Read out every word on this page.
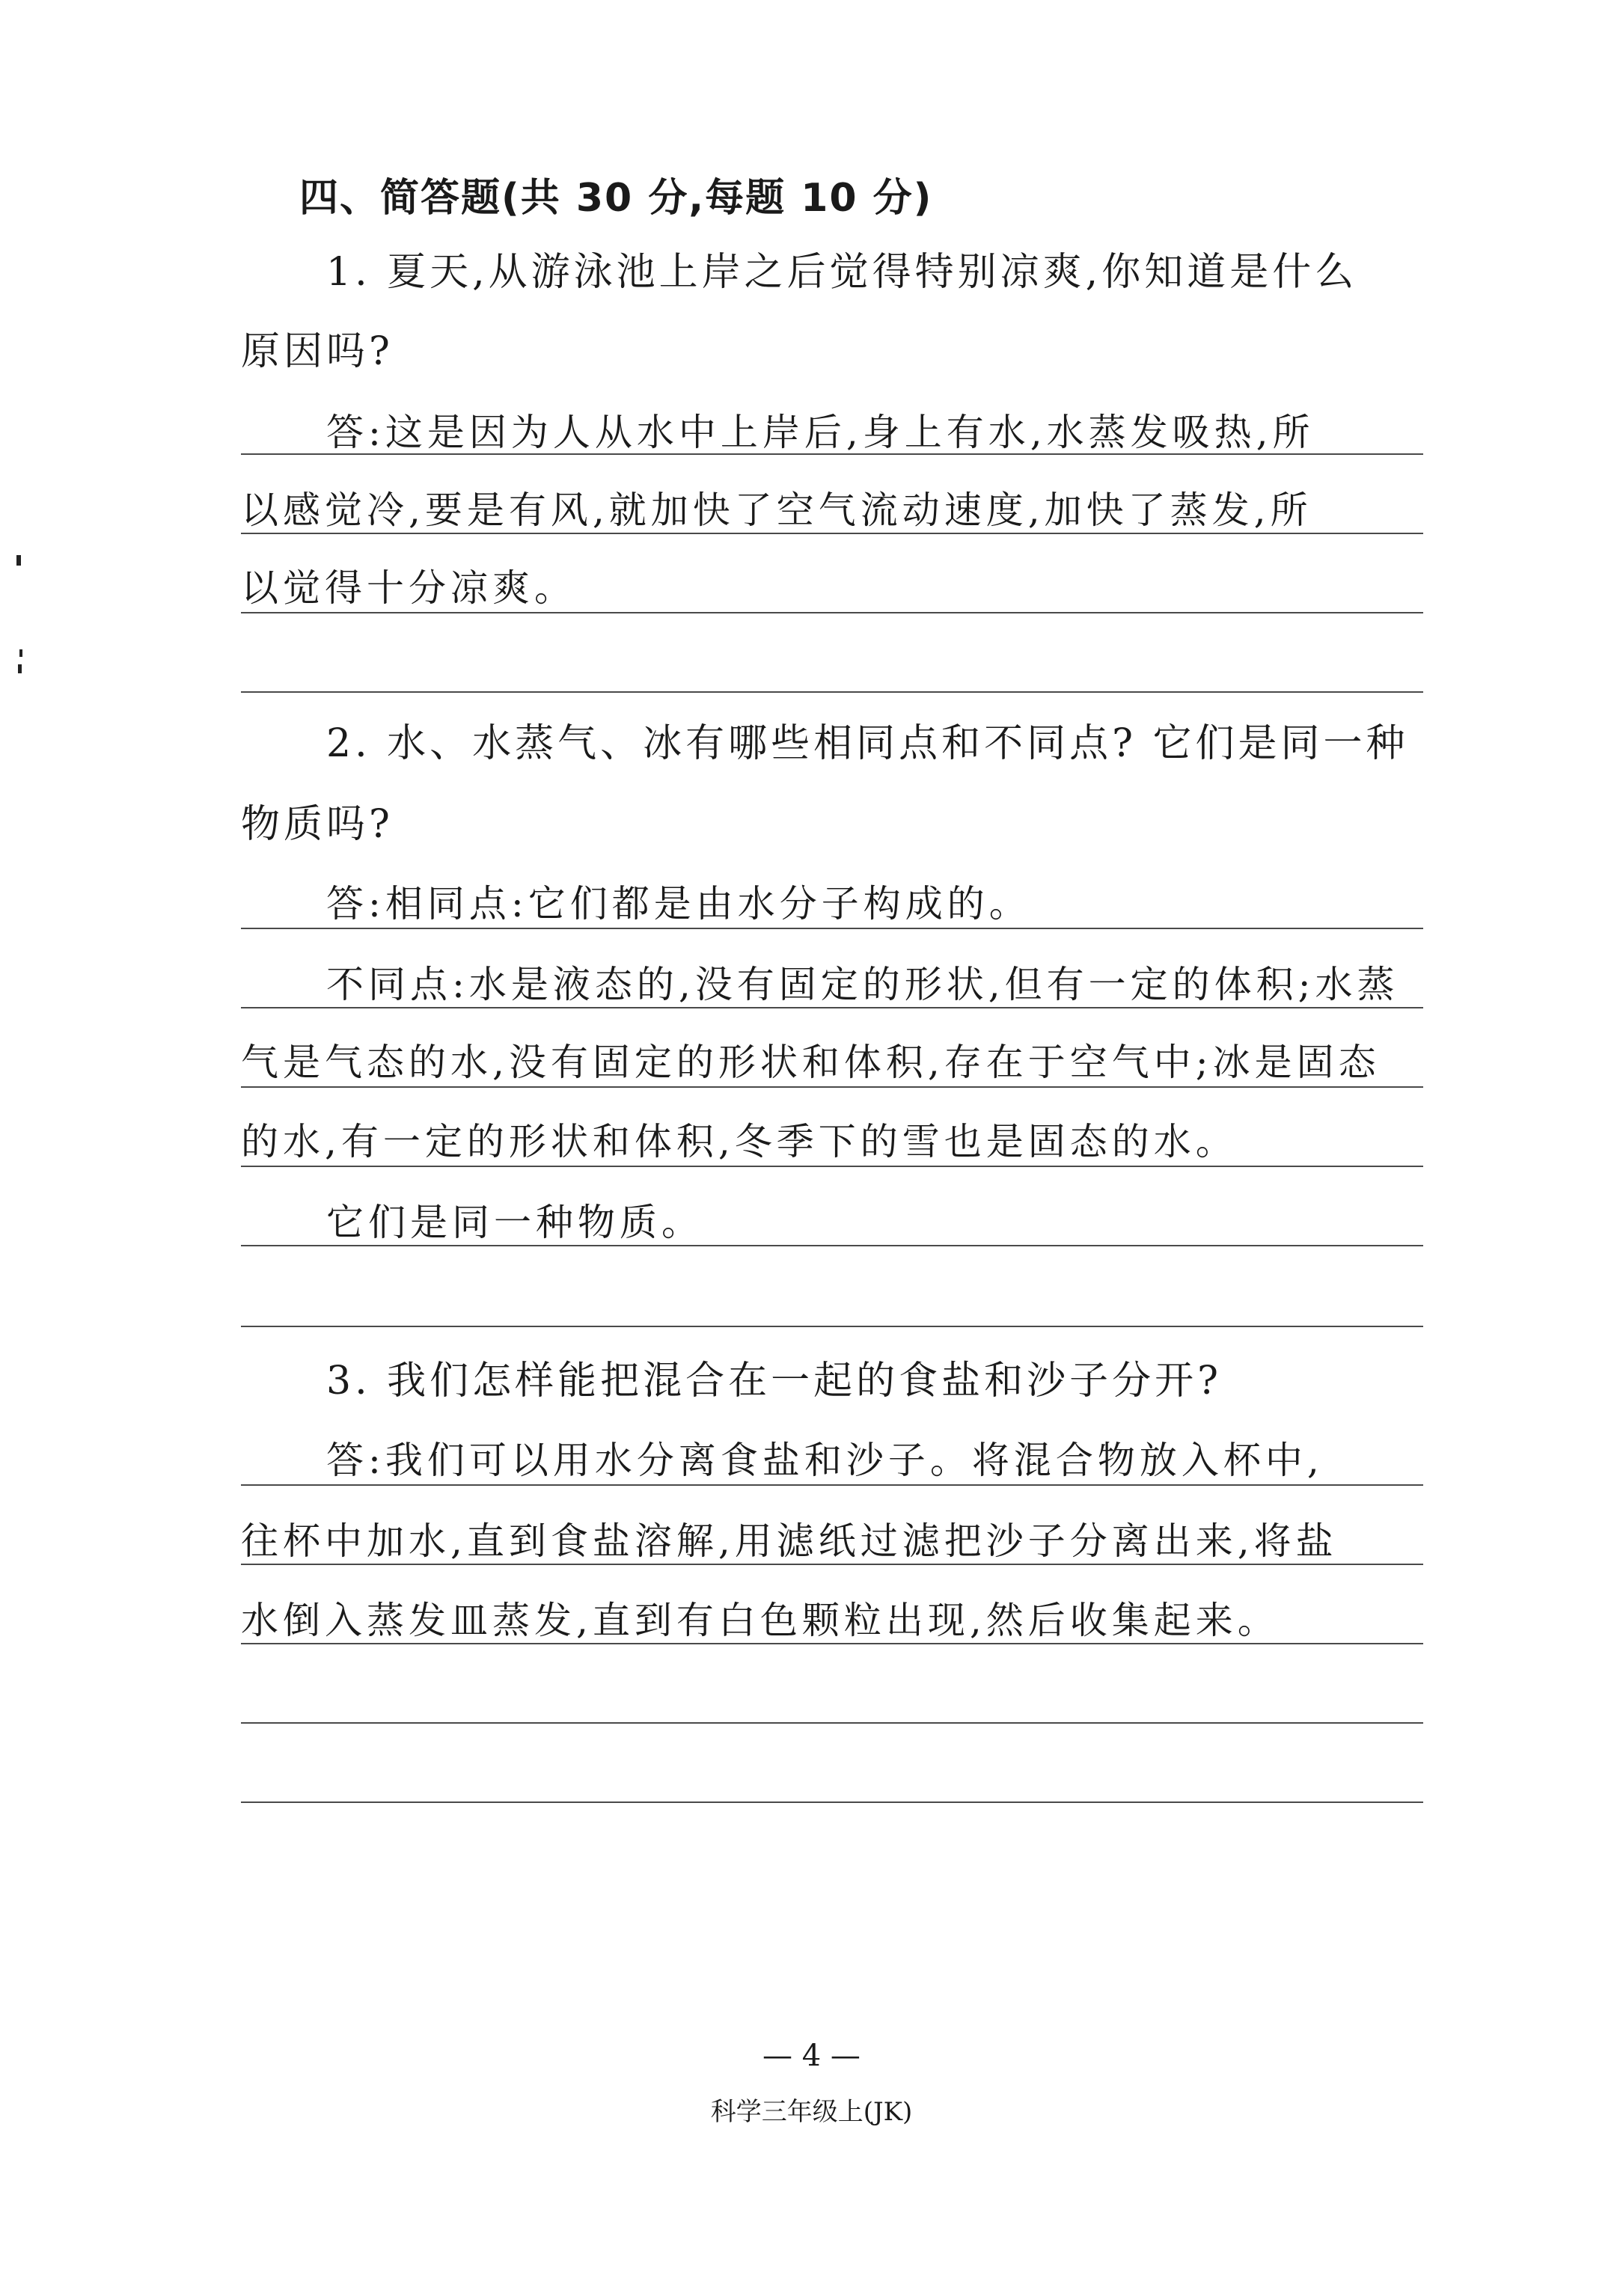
四、简答题(共 30 分,每题 10 分)
1. 夏天,从游泳池上岸之后觉得特别凉爽,你知道是什么
原因吗?
答:这是因为人从水中上岸后,身上有水,水蒸发吸热,所
以感觉冷,要是有风,就加快了空气流动速度,加快了蒸发,所
以觉得十分凉爽。
2. 水、水蒸气、冰有哪些相同点和不同点? 它们是同一种
物质吗?
答:相同点:它们都是由水分子构成的。
不同点:水是液态的,没有固定的形状,但有一定的体积;水蒸
气是气态的水,没有固定的形状和体积,存在于空气中;冰是固态
的水,有一定的形状和体积,冬季下的雪也是固态的水。
它们是同一种物质。
3. 我们怎样能把混合在一起的食盐和沙子分开?
答:我们可以用水分离食盐和沙子。将混合物放入杯中,
往杯中加水,直到食盐溶解,用滤纸过滤把沙子分离出来,将盐
水倒入蒸发皿蒸发,直到有白色颗粒出现,然后收集起来。
— 4 —
科学三年级上(JK)
